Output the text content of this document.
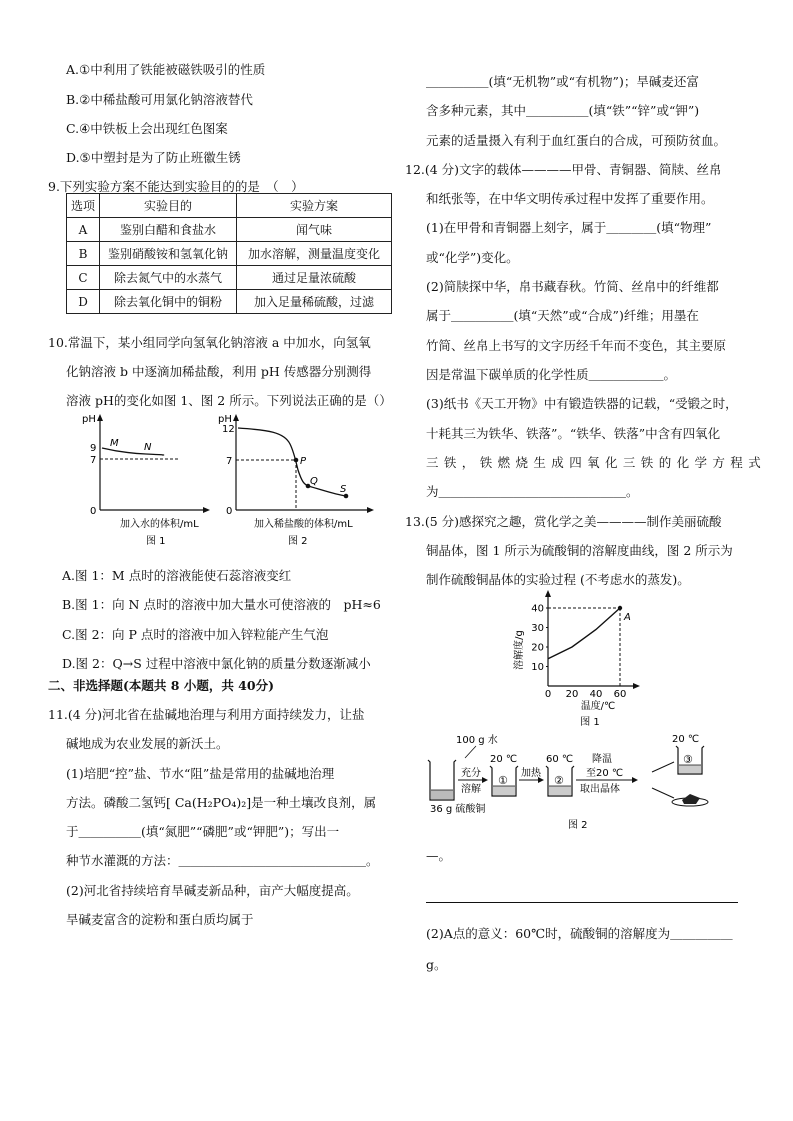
A.①中利用了铁能被磁铁吸引的性质
B.②中稀盐酸可用氯化钠溶液替代
C.④中铁板上会出现红色图案
D.⑤中塑封是为了防止班徽生锈
9.下列实验方案不能达到实验目的的是　（　）
选项	实验目的	实验方案
A	鉴别白醋和食盐水	闻气味
B	鉴别硝酸铵和氢氧化钠	加水溶解，测量温度变化
C	除去氮气中的水蒸气	通过足量浓硫酸
D	除去氧化铜中的铜粉	加入足量稀硫酸，过滤
10.常温下，某小组同学向氢氧化钠溶液 a 中加水，向氢氧
化钠溶液 b 中逐滴加稀盐酸，利用 pH 传感器分别测得
溶液 pH的变化如图 1、图 2 所示。下列说法正确的是（）
pH
9
7
0
M	N
加入水的体积/mL
图 1
pH
12
7
0
P
Q
S
加入稀盐酸的体积/mL
图 2
A.图 1：M 点时的溶液能使石蕊溶液变红
B.图 1：向 N 点时的溶液中加大量水可使溶液的　pH≈6
C.图 2：向 P 点时的溶液中加入锌粒能产生气泡
D.图 2：Q→S 过程中溶液中氯化钠的质量分数逐渐减小
二、非选择题(本题共 8 小题，共 40分)
11.(4 分)河北省在盐碱地治理与利用方面持续发力，让盐
碱地成为农业发展的新沃土。
(1)培肥“控”盐、节水“阻”盐是常用的盐碱地治理
方法。磷酸二氢钙[ Ca(H₂PO₄)₂]是一种土壤改良剂，属
于＿＿＿＿＿(填“氮肥”“磷肥”或“钾肥”)；写出一
种节水灌溉的方法：＿＿＿＿＿＿＿＿＿＿＿＿＿＿＿。
(2)河北省持续培育旱碱麦新品种，亩产大幅度提高。
旱碱麦富含的淀粉和蛋白质均属于
＿＿＿＿＿(填“无机物”或“有机物”)；旱碱麦还富
含多种元素，其中＿＿＿＿＿(填“铁”“锌”或“钾”)
元素的适量摄入有利于血红蛋白的合成，可预防贫血。
12.(4 分)文字的载体————甲骨、青铜器、简牍、丝帛
和纸张等，在中华文明传承过程中发挥了重要作用。
(1)在甲骨和青铜器上刻字，属于＿＿＿＿(填“物理”
或“化学”)变化。
(2)简牍探中华，帛书藏春秋。竹简、丝帛中的纤维都
属于＿＿＿＿＿(填“天然”或“合成”)纤维；用墨在
竹简、丝帛上书写的文字历经千年而不变色，其主要原
因是常温下碳单质的化学性质＿＿＿＿＿＿。
(3)纸书《天工开物》中有锻造铁器的记载，“受锻之时，
十耗其三为铁华、铁落”。“铁华、铁落”中含有四氧化
三铁，铁燃烧生成四氧化三铁的化学方程式
为＿＿＿＿＿＿＿＿＿＿＿＿＿＿＿。
13.(5 分)感探究之趣，赏化学之美————制作美丽硫酸
铜晶体，图 1 所示为硫酸铜的溶解度曲线，图 2 所示为
制作硫酸铜晶体的实验过程 (不考虑水的蒸发)。
溶解度/g
温度/℃
图 1
10
20
30
40
0 20 40 60
A
100 g 水
36 g 硫酸铜
充分
溶解
20 ℃
①
加热
60 ℃
②
降温
至20 ℃
取出晶体
20 ℃
③
图 2
—。
(2)A点的意义：60℃时，硫酸铜的溶解度为＿＿＿＿＿
g。
